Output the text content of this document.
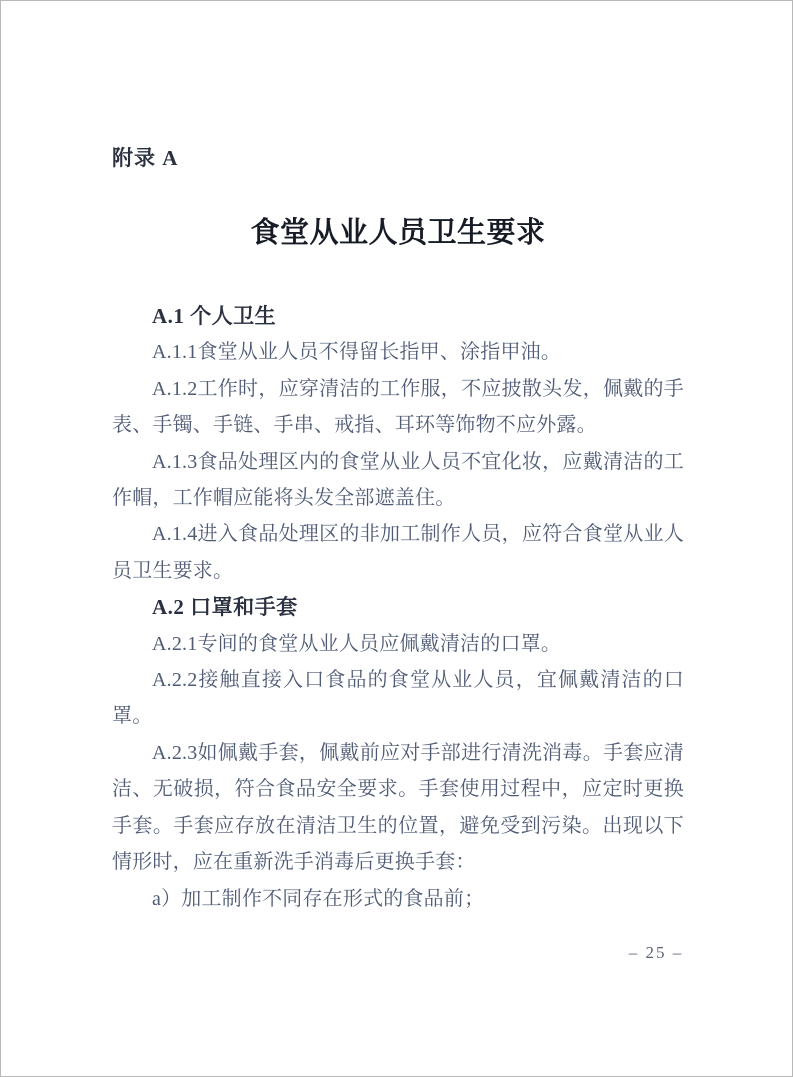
附录 A
食堂从业人员卫生要求
A.1 个人卫生

A.1.1食堂从业人员不得留长指甲、涂指甲油。

A.1.2工作时，应穿清洁的工作服，不应披散头发，佩戴的手表、手镯、手链、手串、戒指、耳环等饰物不应外露。

A.1.3食品处理区内的食堂从业人员不宜化妆，应戴清洁的工作帽，工作帽应能将头发全部遮盖住。

A.1.4进入食品处理区的非加工制作人员，应符合食堂从业人员卫生要求。

A.2 口罩和手套

A.2.1专间的食堂从业人员应佩戴清洁的口罩。

A.2.2接触直接入口食品的食堂从业人员，宜佩戴清洁的口罩。

A.2.3如佩戴手套，佩戴前应对手部进行清洗消毒。手套应清洁、无破损，符合食品安全要求。手套使用过程中，应定时更换手套。手套应存放在清洁卫生的位置，避免受到污染。出现以下情形时，应在重新洗手消毒后更换手套：

a）加工制作不同存在形式的食品前；

– 25 –
